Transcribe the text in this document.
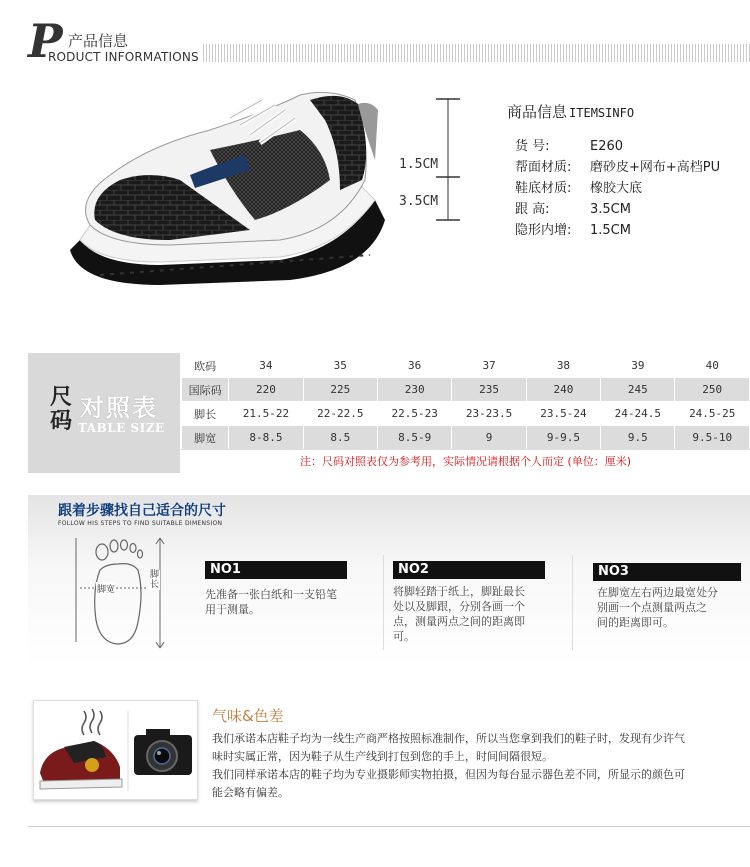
P 产品信息
RODUCT INFORMATIONS
1.5CM
3.5CM
商品信息 ITEMSINFO
货 号:	E260
帮面材质: 磨砂皮+网布+高档PU
鞋底材质: 橡胶大底
跟 高:	3.5CM
隐形内增: 1.5CM
尺
码 对照表
TABLE SIZE
欧码	34	35	36	37	38	39	40
国际码	220	225	230	235	240	245	250
脚长	21.5-22	22-22.5	22.5-23	23-23.5	23.5-24	24-24.5	24.5-25
脚宽	8-8.5	8.5	8.5-9	9	9-9.5	9.5	9.5-10
注：尺码对照表仅为参考用，实际情况请根据个人而定 (单位：厘米)
跟着步骤找自己适合的尺寸
FOLLOW HIS STEPS TO FIND SUITABLE DIMENSION
脚宽
脚长
NO1
先准备一张白纸和一支铅笔
用于测量。
NO2
将脚轻踏于纸上，脚趾最长
处以及脚跟，分别各画一个
点，测量两点之间的距离即
可。
NO3
在脚宽左右两边最宽处分
别画一个点测量两点之
间的距离即可。
气味&色差
我们承诺本店鞋子均为一线生产商严格按照标准制作，所以当您拿到我们的鞋子时，发现有少许气
味时实属正常，因为鞋子从生产线到打包到您的手上，时间间隔很短。
我们同样承诺本店的鞋子均为专业摄影师实物拍摄，但因为每台显示器色差不同，所显示的颜色可
能会略有偏差。
